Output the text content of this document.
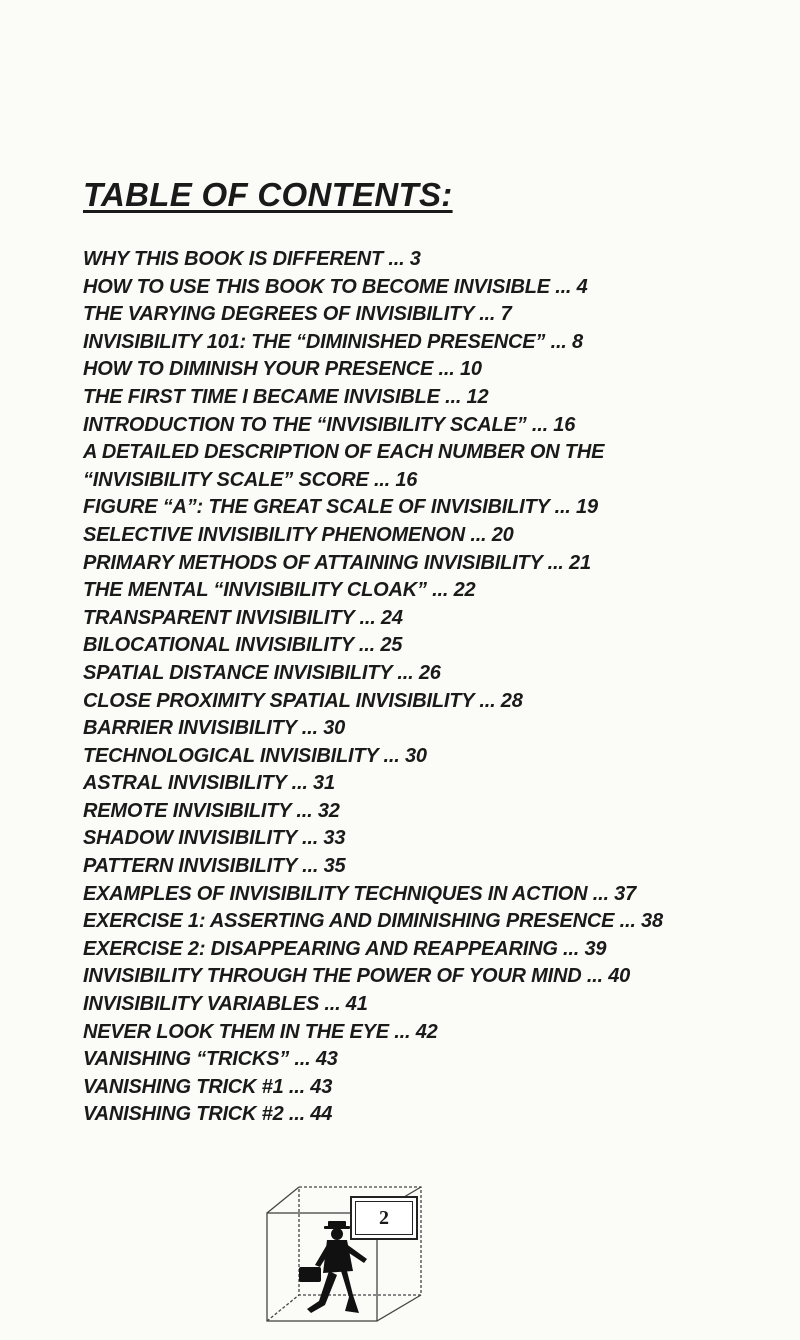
TABLE OF CONTENTS:
WHY THIS BOOK IS DIFFERENT ... 3
HOW TO USE THIS BOOK TO BECOME INVISIBLE ... 4
THE VARYING DEGREES OF INVISIBILITY ... 7
INVISIBILITY 101: THE “DIMINISHED PRESENCE” ... 8
HOW TO DIMINISH YOUR PRESENCE ... 10
THE FIRST TIME I BECAME INVISIBLE ... 12
INTRODUCTION TO THE “INVISIBILITY SCALE” ... 16
A DETAILED DESCRIPTION OF EACH NUMBER ON THE
“INVISIBILITY SCALE” SCORE ... 16
FIGURE “A”: THE GREAT SCALE OF INVISIBILITY ... 19
SELECTIVE INVISIBILITY PHENOMENON ... 20
PRIMARY METHODS OF ATTAINING INVISIBILITY ... 21
THE MENTAL “INVISIBILITY CLOAK” ... 22
TRANSPARENT INVISIBILITY ... 24
BILOCATIONAL INVISIBILITY ... 25
SPATIAL DISTANCE INVISIBILITY ... 26
CLOSE PROXIMITY SPATIAL INVISIBILITY ... 28
BARRIER INVISIBILITY ... 30
TECHNOLOGICAL INVISIBILITY ... 30
ASTRAL INVISIBILITY ... 31
REMOTE INVISIBILITY ... 32
SHADOW INVISIBILITY ... 33
PATTERN INVISIBILITY ... 35
EXAMPLES OF INVISIBILITY TECHNIQUES IN ACTION ... 37
EXERCISE 1: ASSERTING AND DIMINISHING PRESENCE ... 38
EXERCISE 2: DISAPPEARING AND REAPPEARING ... 39
INVISIBILITY THROUGH THE POWER OF YOUR MIND ... 40
INVISIBILITY VARIABLES ... 41
NEVER LOOK THEM IN THE EYE ... 42
VANISHING “TRICKS” ... 43
VANISHING TRICK #1 ... 43
VANISHING TRICK #2 ... 44
2
